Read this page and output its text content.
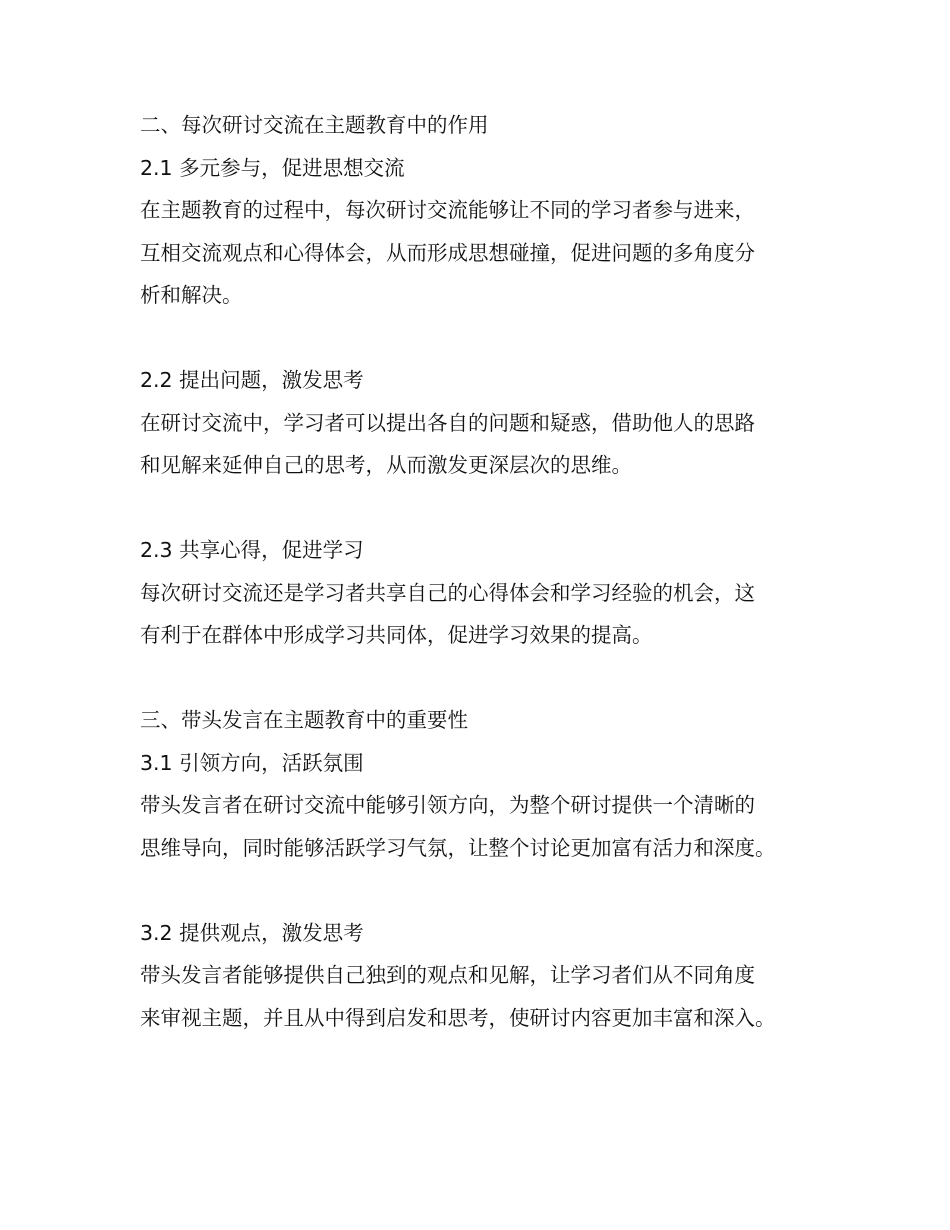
二、每次研讨交流在主题教育中的作用
2.1 多元参与，促进思想交流
在主题教育的过程中，每次研讨交流能够让不同的学习者参与进来，
互相交流观点和心得体会，从而形成思想碰撞，促进问题的多角度分
析和解决。
2.2 提出问题，激发思考
在研讨交流中，学习者可以提出各自的问题和疑惑，借助他人的思路
和见解来延伸自己的思考，从而激发更深层次的思维。
2.3 共享心得，促进学习
每次研讨交流还是学习者共享自己的心得体会和学习经验的机会，这
有利于在群体中形成学习共同体，促进学习效果的提高。
三、带头发言在主题教育中的重要性
3.1 引领方向，活跃氛围
带头发言者在研讨交流中能够引领方向，为整个研讨提供一个清晰的
思维导向，同时能够活跃学习气氛，让整个讨论更加富有活力和深度。
3.2 提供观点，激发思考
带头发言者能够提供自己独到的观点和见解，让学习者们从不同角度
来审视主题，并且从中得到启发和思考，使研讨内容更加丰富和深入。
